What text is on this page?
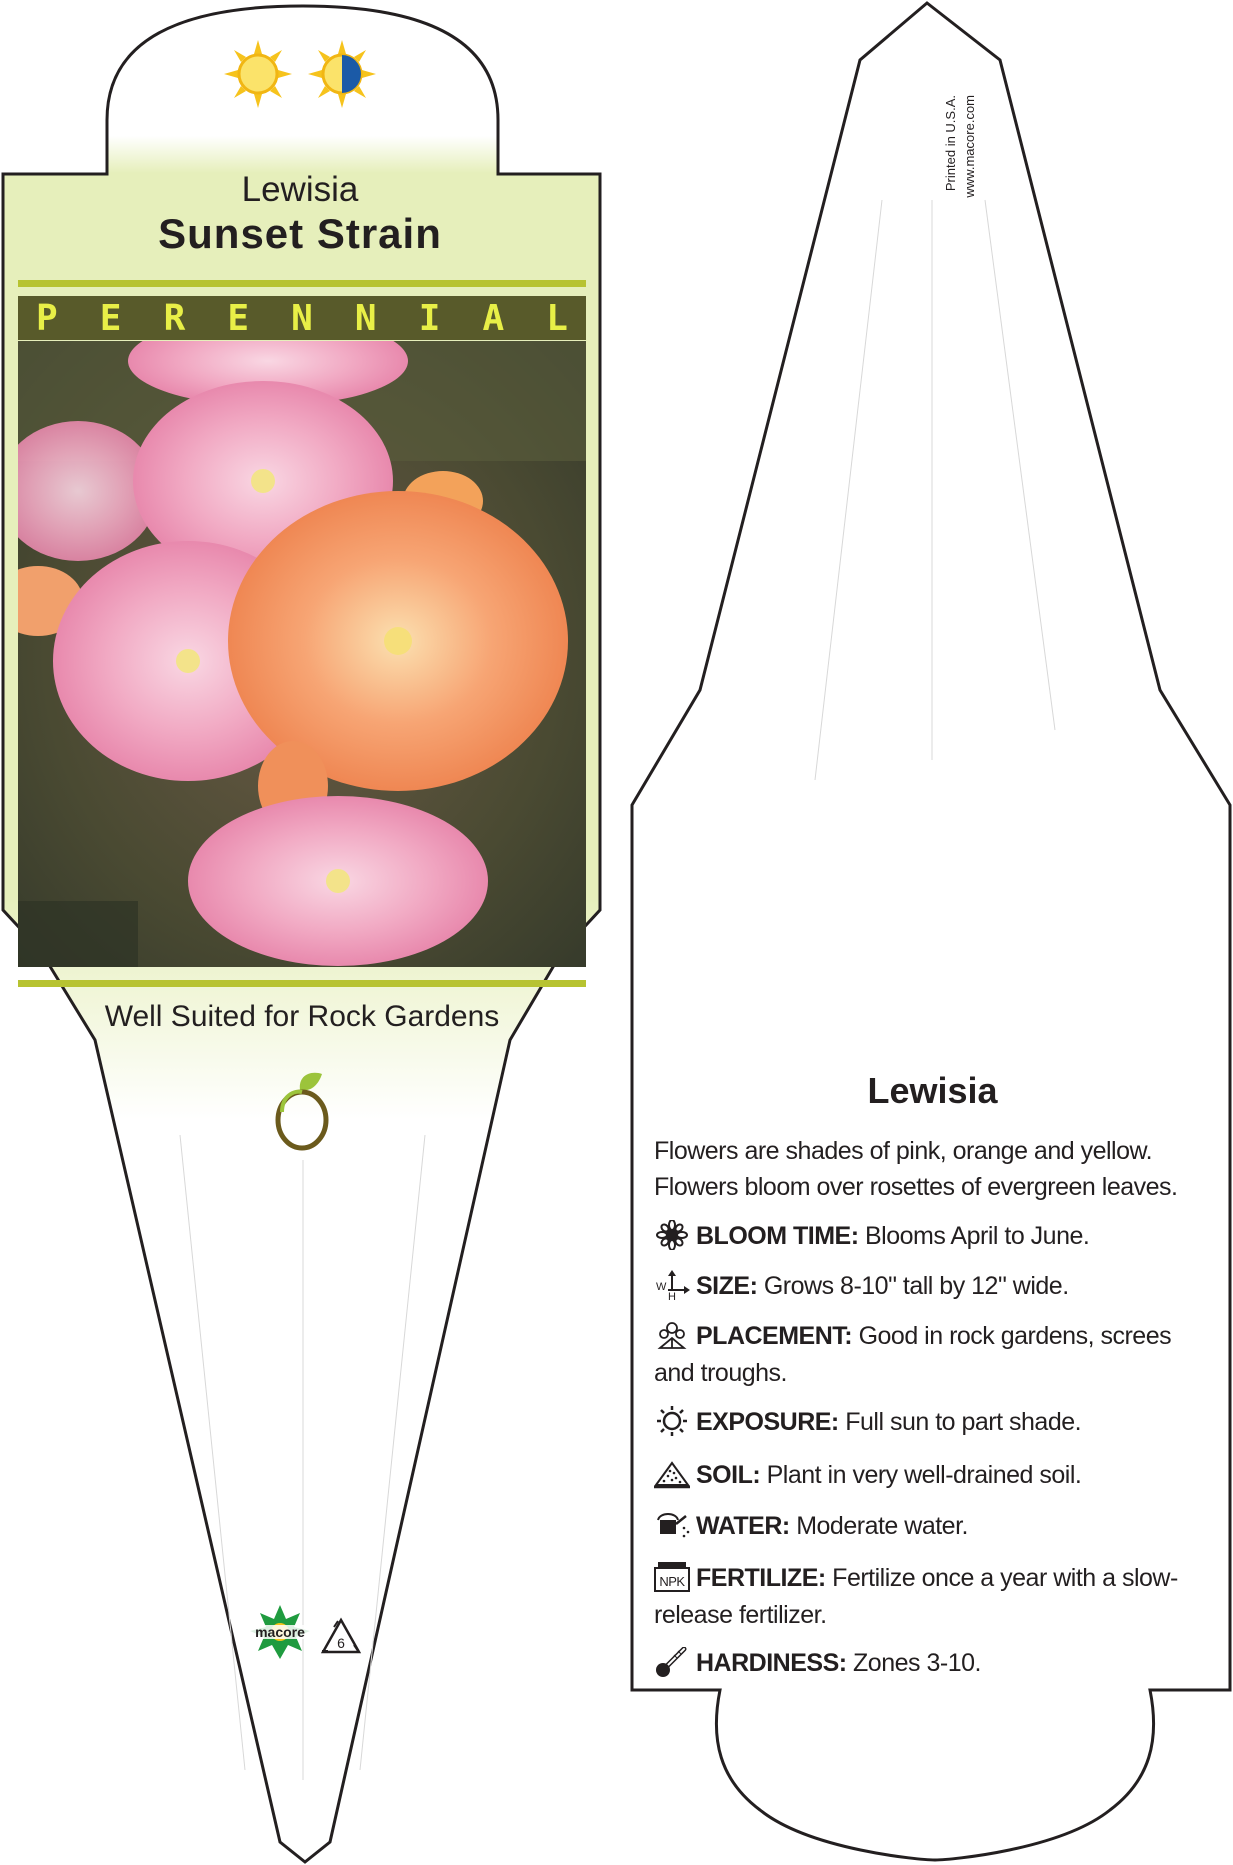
Lewisia
Sunset Strain
P E R E N N I A L
Well Suited for Rock Gardens
macore
6
Printed in U.S.A. www.macore.com
Lewisia
Flowers are shades of pink, orange and yellow. Flowers bloom over rosettes of evergreen leaves.
BLOOM TIME: Blooms April to June.
W
H SIZE: Grows 8-10" tall by 12" wide.
PLACEMENT: Good in rock gardens, screes and troughs.
EXPOSURE: Full sun to part shade.
SOIL: Plant in very well-drained soil.
WATER: Moderate water.
NPK FERTILIZE: Fertilize once a year with a slow-release fertilizer.
HARDINESS: Zones 3-10.
